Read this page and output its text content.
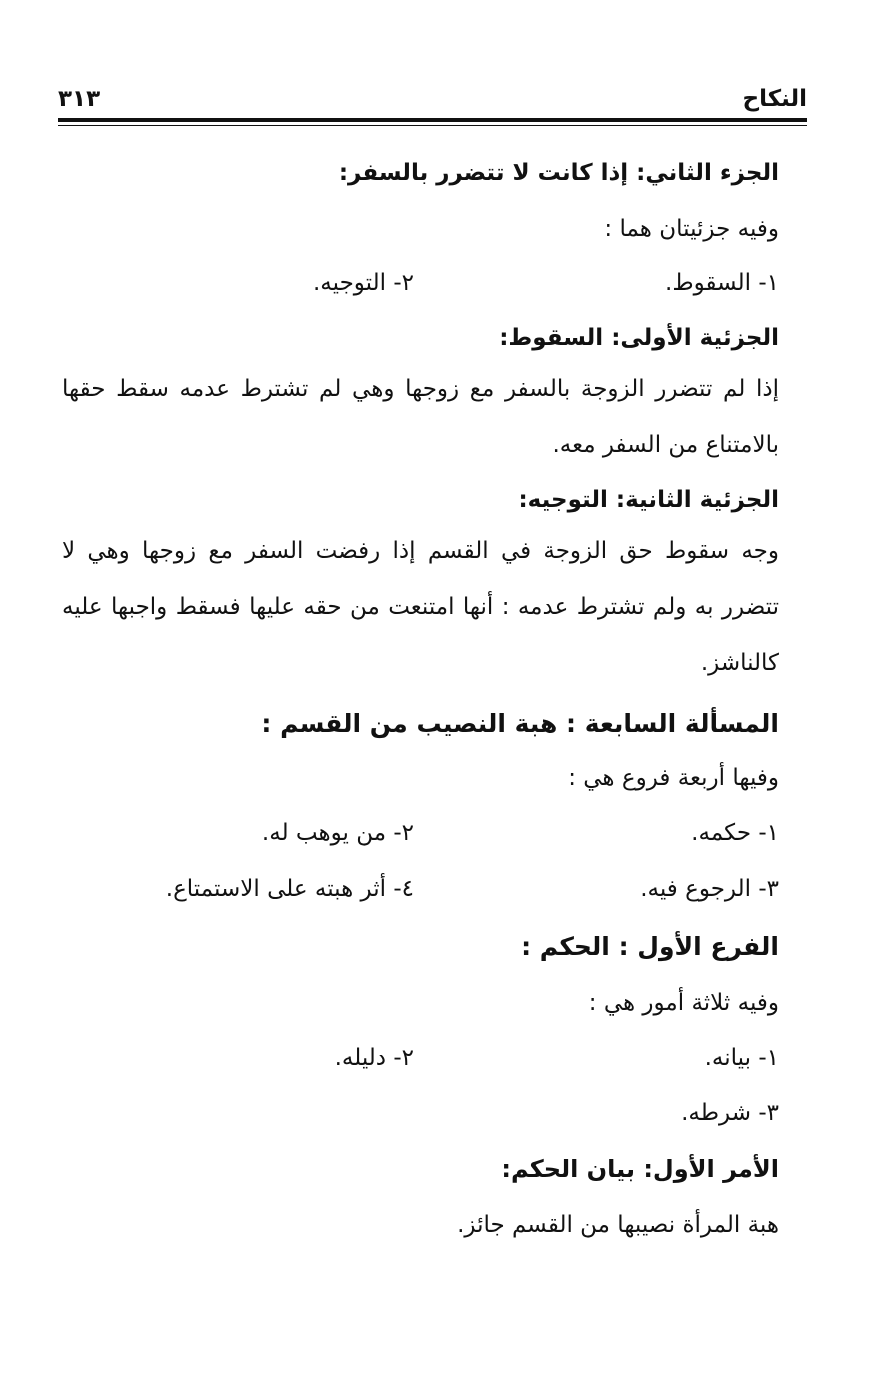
النكاح
٣١٣
الجزء الثاني: إذا كانت لا تتضرر بالسفر:
وفيه جزئيتان هما :
١- السقوط.
٢- التوجيه.
الجزئية الأولى: السقوط:
إذا لم تتضرر الزوجة بالسفر مع زوجها وهي لم تشترط عدمه سقط حقها
بالامتناع من السفر معه.
الجزئية الثانية: التوجيه:
وجه سقوط حق الزوجة في القسم إذا رفضت السفر مع زوجها وهي لا
تتضرر به ولم تشترط عدمه : أنها امتنعت من حقه عليها فسقط واجبها عليه
كالناشز.
المسألة السابعة : هبة النصيب من القسم :
وفيها أربعة فروع هي :
١- حكمه.
٢- من يوهب له.
٣- الرجوع فيه.
٤- أثر هبته على الاستمتاع.
الفرع الأول : الحكم :
وفيه ثلاثة أمور هي :
١- بيانه.
٢- دليله.
٣- شرطه.
الأمر الأول: بيان الحكم:
هبة المرأة نصيبها من القسم جائز.
